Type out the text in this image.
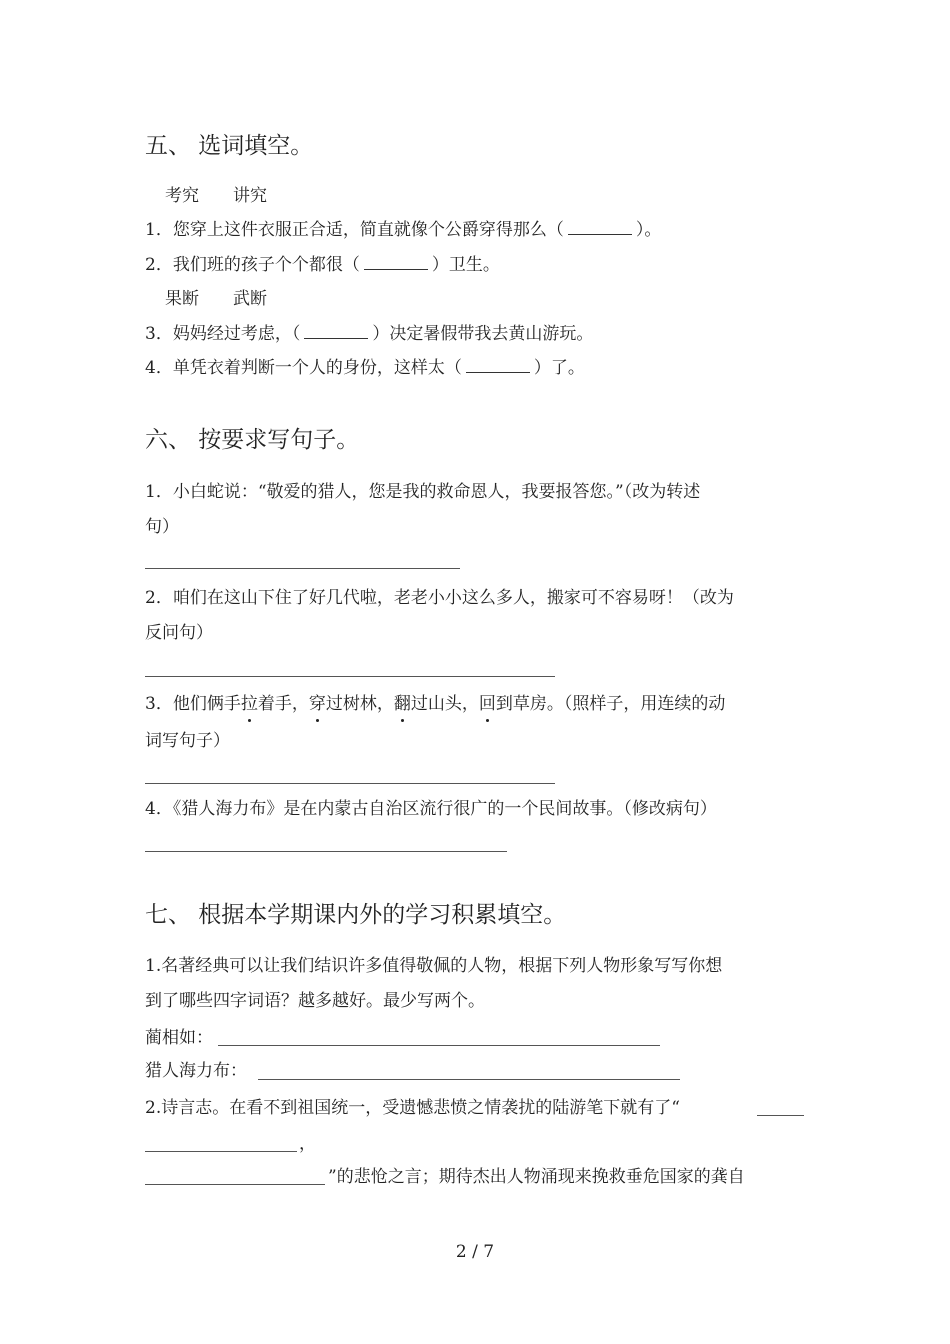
五、 选词填空。
考究　　讲究
1．您穿上这件衣服正合适，简直就像个公爵穿得那么（	）。
2．我们班的孩子个个都很（	）卫生。
果断　　武断
3．妈妈经过考虑，（	）决定暑假带我去黄山游玩。
4．单凭衣着判断一个人的身份，这样太（	）了。
六、 按要求写句子。
1．小白蛇说：“敬爱的猎人，您是我的救命恩人，我要报答您。”（改为转述
句）
2．咱们在这山下住了好几代啦，老老小小这么多人，搬家可不容易呀！（改为
反问句）
3．他们俩手拉着手，穿过树林，翻过山头，回到草房。（照样子，用连续的动
词写句子）
4．《猎人海力布》是在内蒙古自治区流行很广的一个民间故事。（修改病句）
七、 根据本学期课内外的学习积累填空。
1.名著经典可以让我们结识许多值得敬佩的人物，根据下列人物形象写写你想
到了哪些四字词语？越多越好。最少写两个。
蔺相如：
猎人海力布：
2.诗言志。在看不到祖国统一，受遗憾悲愤之情袭扰的陆游笔下就有了“
，
”的悲怆之言；期待杰出人物涌现来挽救垂危国家的龚自
2 / 7
